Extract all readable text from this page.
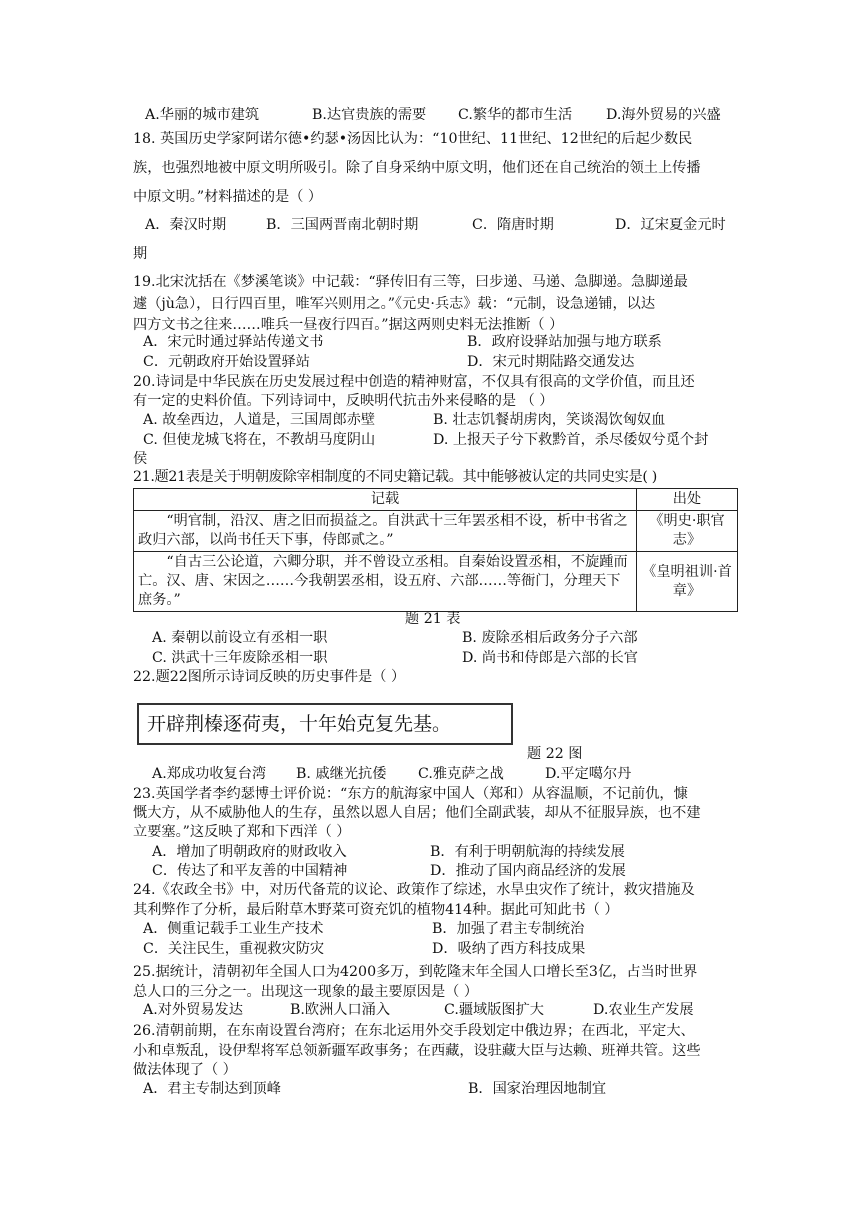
A.华丽的城市建筑	B.达官贵族的需要 C.繁华的都市生活 D.海外贸易的兴盛
18. 英国历史学家阿诺尔德•约瑟•汤因比认为：“10世纪、11世纪、12世纪的后起少数民
族，也强烈地被中原文明所吸引。除了自身采纳中原文明，他们还在自己统治的领土上传播
中原文明。”材料描述的是（ ）
A．秦汉时期	B．三国两晋南北朝时期	C．隋唐时期	D．辽宋夏金元时
期
19.北宋沈括在《梦溪笔谈》中记载：“驿传旧有三等，曰步递、马递、急脚递。急脚递最
遽（jù急），日行四百里，唯军兴则用之。”《元史·兵志》载：“元制，设急递铺，以达
四方文书之往来……唯兵一昼夜行四百。”据这两则史料无法推断（ ）
A．宋元时通过驿站传递文书	B．政府设驿站加强与地方联系
C．元朝政府开始设置驿站	D．宋元时期陆路交通发达
20.诗词是中华民族在历史发展过程中创造的精神财富，不仅具有很高的文学价值，而且还
有一定的史料价值。下列诗词中，反映明代抗击外来侵略的是 （ ）
A. 故垒西边，人道是，三国周郎赤壁	B. 壮志饥餐胡虏肉，笑谈渴饮匈奴血
C. 但使龙城飞将在，不教胡马度阴山	D. 上报天子兮下救黔首，杀尽倭奴兮觅个封
侯
21.题21表是关于明朝废除宰相制度的不同史籍记载。其中能够被认定的共同史实是( )
记载	出处
　　“明官制，沿汉、唐之旧而损益之。自洪武十三年罢丞相不设，析中书省之政归六部，以尚书任天下事，侍郎贰之。”	《明史·职官志》
　　“自古三公论道，六卿分职，并不曾设立丞相。自秦始设置丞相，不旋踵而亡。汉、唐、宋因之……今我朝罢丞相，设五府、六部……等衙门，分理天下庶务。”	《皇明祖训·首章》
题 21 表
A. 秦朝以前设立有丞相一职	B. 废除丞相后政务分子六部
C. 洪武十三年废除丞相一职	D. 尚书和侍郎是六部的长官
22.题22图所示诗词反映的历史事件是（ ）
开辟荆榛逐荷夷，十年始克复先基。
题 22 图
A.郑成功收复台湾 B. 戚继光抗倭 C.雅克萨之战	D.平定噶尔丹
23.英国学者李约瑟博士评价说：“东方的航海家中国人（郑和）从容温顺，不记前仇，慷
慨大方，从不威胁他人的生存，虽然以恩人自居；他们全副武装，却从不征服异族，也不建
立要塞。”这反映了郑和下西洋（ ）
A．增加了明朝政府的财政收入	B．有利于明朝航海的持续发展
C．传达了和平友善的中国精神	D．推动了国内商品经济的发展
24.《农政全书》中，对历代备荒的议论、政策作了综述，水旱虫灾作了统计，救灾措施及
其利弊作了分析，最后附草木野菜可资充饥的植物414种。据此可知此书（ ）
A．侧重记载手工业生产技术	B．加强了君主专制统治
C．关注民生，重视救灾防灾	D．吸纳了西方科技成果
25.据统计，清朝初年全国人口为4200多万，到乾隆末年全国人口增长至3亿，占当时世界
总人口的三分之一。出现这一现象的最主要原因是（ ）
A.对外贸易发达	B.欧洲人口涌入	C.疆域版图扩大	D.农业生产发展
26.清朝前期，在东南设置台湾府；在东北运用外交手段划定中俄边界；在西北，平定大、
小和卓叛乱，设伊犁将军总领新疆军政事务；在西藏，设驻藏大臣与达赖、班禅共管。这些
做法体现了（ ）
A．君主专制达到顶峰	B．国家治理因地制宜
